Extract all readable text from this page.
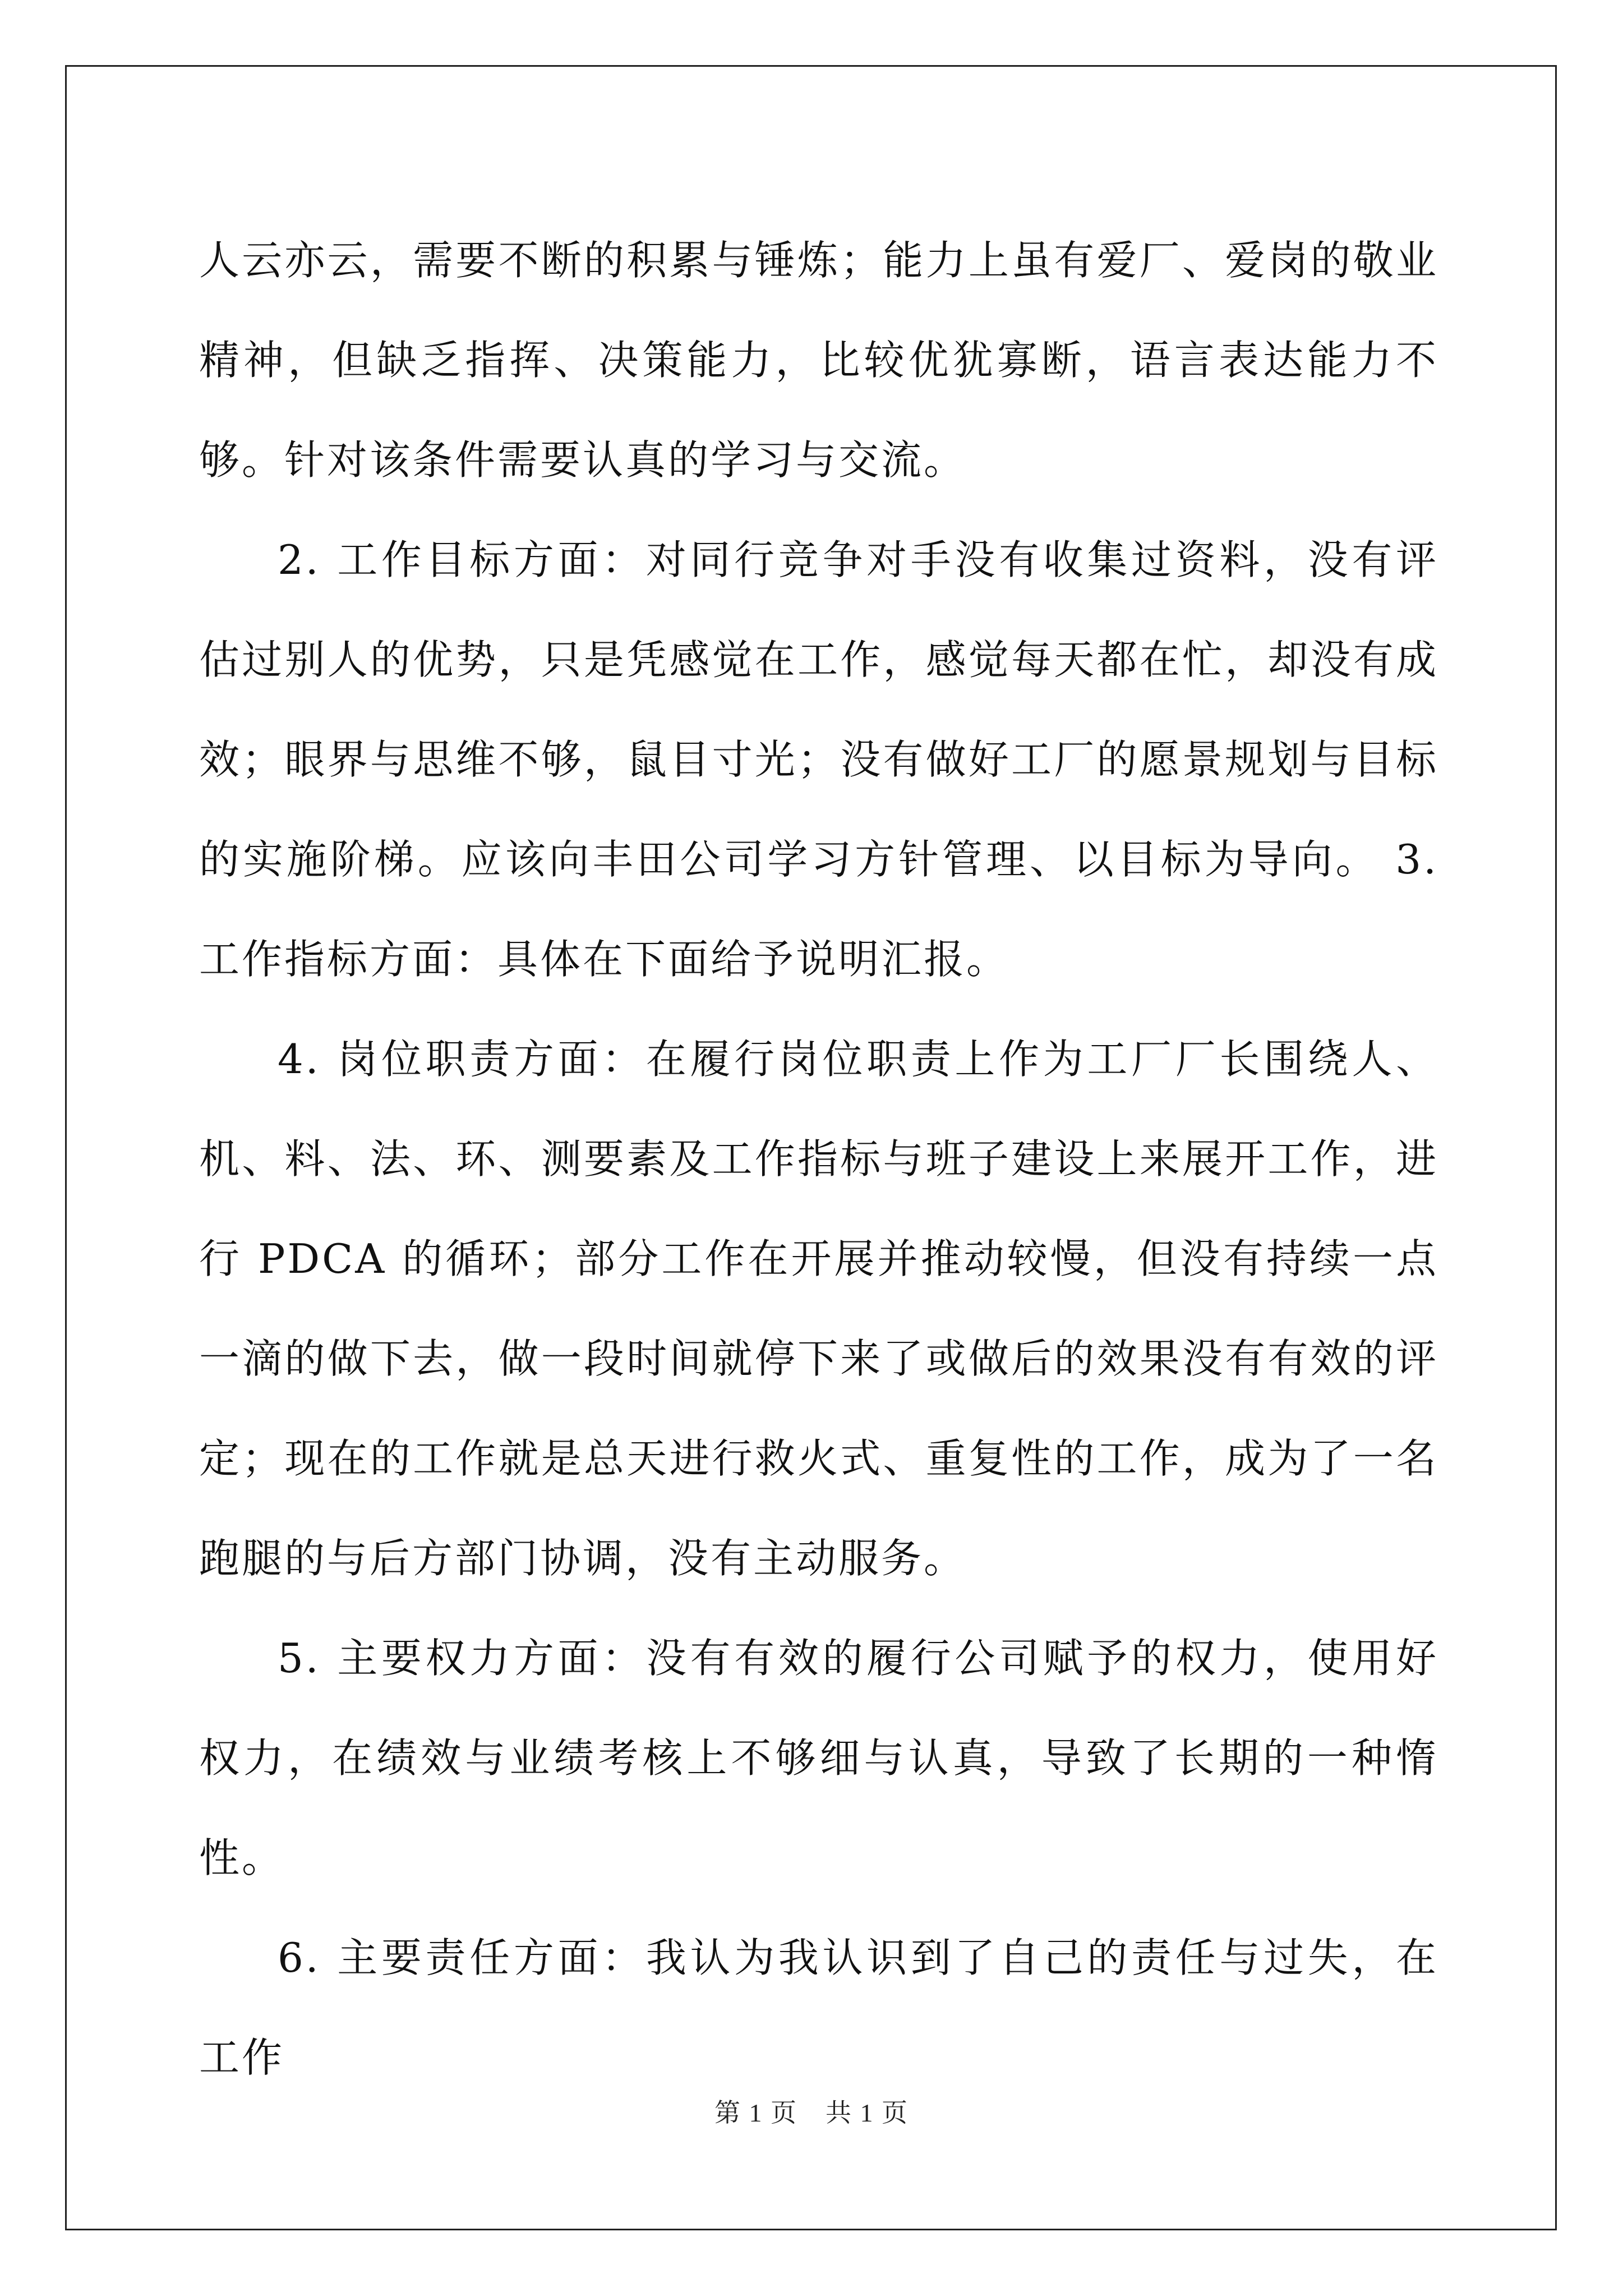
人云亦云，需要不断的积累与锤炼；能力上虽有爱厂、爱岗的敬业精神，但缺乏指挥、决策能力，比较优犹寡断，语言表达能力不够。针对该条件需要认真的学习与交流。

2. 工作目标方面：对同行竞争对手没有收集过资料，没有评估过别人的优势，只是凭感觉在工作，感觉每天都在忙，却没有成效；眼界与思维不够，鼠目寸光；没有做好工厂的愿景规划与目标的实施阶梯。应该向丰田公司学习方针管理、以目标为导向。 3. 工作指标方面：具体在下面给予说明汇报。

4. 岗位职责方面：在履行岗位职责上作为工厂厂长围绕人、机、料、法、环、测要素及工作指标与班子建设上来展开工作，进行 PDCA 的循环；部分工作在开展并推动较慢，但没有持续一点一滴的做下去，做一段时间就停下来了或做后的效果没有有效的评定；现在的工作就是总天进行救火式、重复性的工作，成为了一名跑腿的与后方部门协调，没有主动服务。

5. 主要权力方面：没有有效的履行公司赋予的权力，使用好权力，在绩效与业绩考核上不够细与认真，导致了长期的一种惰性。

6. 主要责任方面：我认为我认识到了自己的责任与过失，在工作

第 1 页 共 1 页
